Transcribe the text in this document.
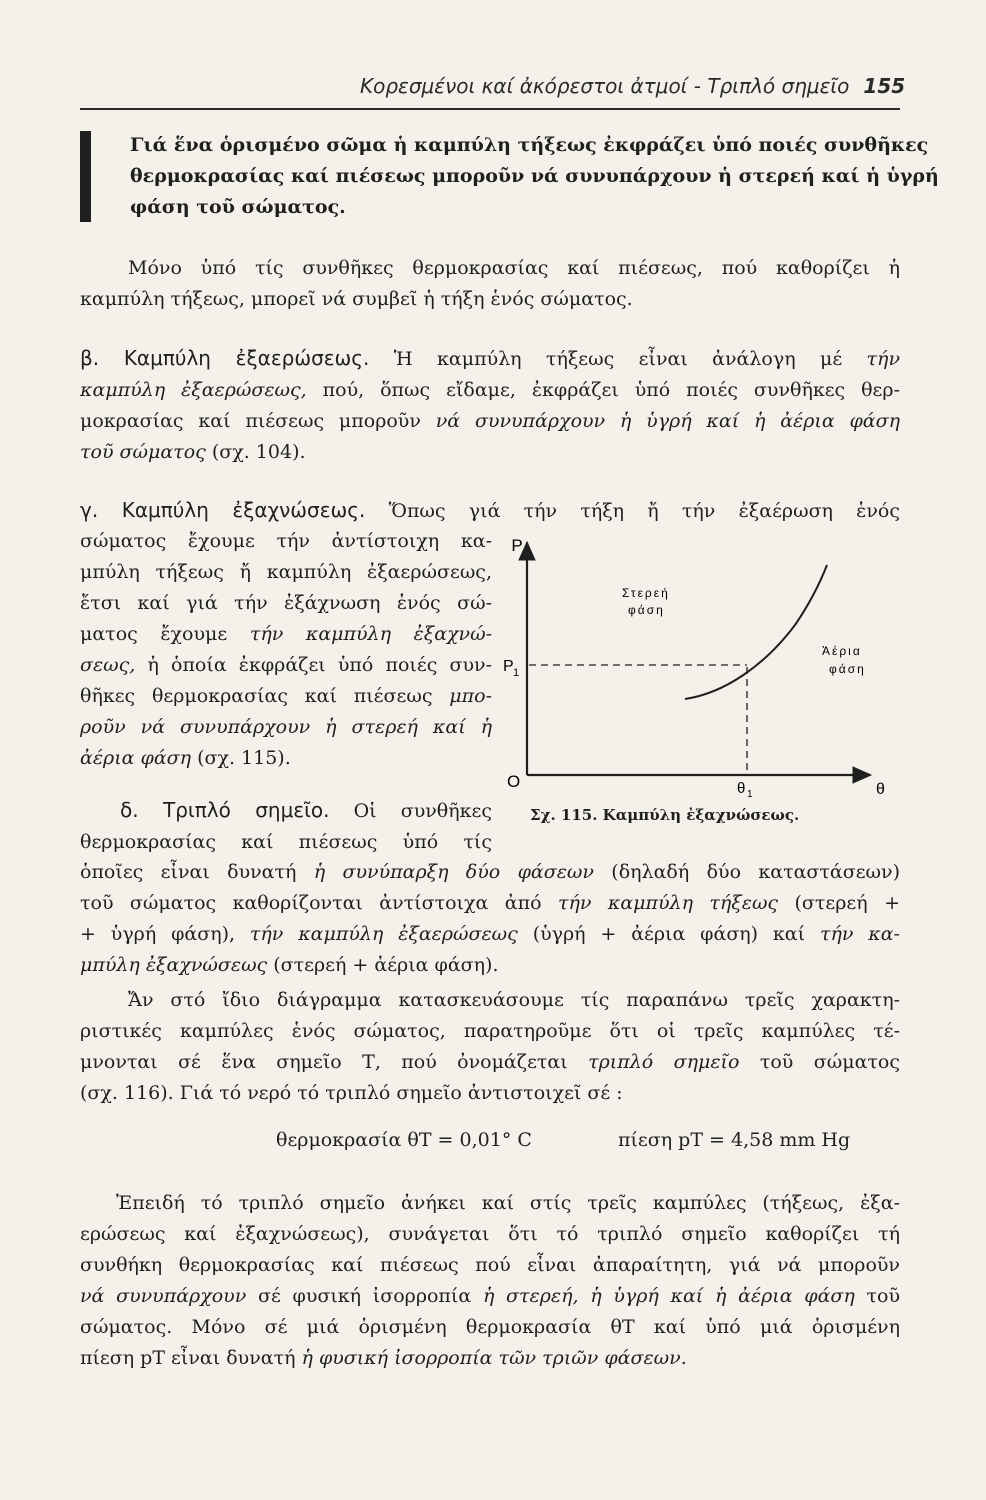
Κορεσμένοι καί ἀκόρεστοι ἀτμοί - Τριπλό σημεῖο 155
Γιά ἕνα ὁρισμένο σῶμα ἡ καμπύλη τήξεως ἐκφράζει ὑπό ποιές συνθῆκες
θερμοκρασίας καί πιέσεως μποροῦν νά συνυπάρχουν ἡ στερεή καί ἡ ὑγρή
φάση τοῦ σώματος.
Μόνο ὑπό τίς συνθῆκες θερμοκρασίας καί πιέσεως, πού καθορίζει ἡ
καμπύλη τήξεως, μπορεῖ νά συμβεῖ ἡ τήξη ἑνός σώματος.
β. Καμπύλη ἐξαερώσεως. Ἡ καμπύλη τήξεως εἶναι ἀνάλογη μέ τήν
καμπύλη ἐξαερώσεως, πού, ὅπως εἴδαμε, ἐκφράζει ὑπό ποιές συνθῆκες θερ-
μοκρασίας καί πιέσεως μποροῦν νά συνυπάρχουν ἡ ὑγρή καί ἡ ἀέρια φάση
τοῦ σώματος (σχ. 104).
γ. Καμπύλη ἐξαχνώσεως. Ὅπως γιά τήν τήξη ἤ τήν ἐξαέρωση ἑνός
σώματος ἔχουμε τήν ἀντίστοιχη κα-
μπύλη τήξεως ἤ καμπύλη ἐξαερώσεως,
ἔτσι καί γιά τήν ἐξάχνωση ἑνός σώ-
ματος ἔχουμε τήν καμπύλη ἐξαχνώ-
σεως, ἡ ὁποία ἐκφράζει ὑπό ποιές συν-
θῆκες θερμοκρασίας καί πιέσεως μπο-
ροῦν νά συνυπάρχουν ἡ στερεή καί ἡ
ἀέρια φάση (σχ. 115).
P
θ
O
P 1
θ 1
Στερεή
φάση
Ἀέρια
φάση
Σχ. 115. Καμπύλη ἐξαχνώσεως.
δ. Τριπλό σημεῖο. Οἱ συνθῆκες
θερμοκρασίας καί πιέσεως ὑπό τίς
ὁποῖες εἶναι δυνατή ἡ συνύπαρξη δύο φάσεων (δηλαδή δύο καταστάσεων)
τοῦ σώματος καθορίζονται ἀντίστοιχα ἀπό τήν καμπύλη τήξεως (στερεή +
+ ὑγρή φάση), τήν καμπύλη ἐξαερώσεως (ὑγρή + ἀέρια φάση) καί τήν κα-
μπύλη ἐξαχνώσεως (στερεή + ἀέρια φάση).
Ἄν στό ἴδιο διάγραμμα κατασκευάσουμε τίς παραπάνω τρεῖς χαρακτη-
ριστικές καμπύλες ἑνός σώματος, παρατηροῦμε ὅτι οἱ τρεῖς καμπύλες τέ-
μνονται σέ ἕνα σημεῖο Τ, πού ὀνομάζεται τριπλό σημεῖο τοῦ σώματος
(σχ. 116). Γιά τό νερό τό τριπλό σημεῖο ἀντιστοιχεῖ σέ :
θερμοκρασία θT = 0,01° C	πίεση pT = 4,58 mm Hg
Ἐπειδή τό τριπλό σημεῖο ἀνήκει καί στίς τρεῖς καμπύλες (τήξεως, ἐξα-
ερώσεως καί ἐξαχνώσεως), συνάγεται ὅτι τό τριπλό σημεῖο καθορίζει τή
συνθήκη θερμοκρασίας καί πιέσεως πού εἶναι ἀπαραίτητη, γιά νά μποροῦν
νά συνυπάρχουν σέ φυσική ἰσορροπία ἡ στερεή, ἡ ὑγρή καί ἡ ἀέρια φάση τοῦ
σώματος. Μόνο σέ μιά ὁρισμένη θερμοκρασία θT καί ὑπό μιά ὁρισμένη
πίεση pT εἶναι δυνατή ἡ φυσική ἰσορροπία τῶν τριῶν φάσεων.
